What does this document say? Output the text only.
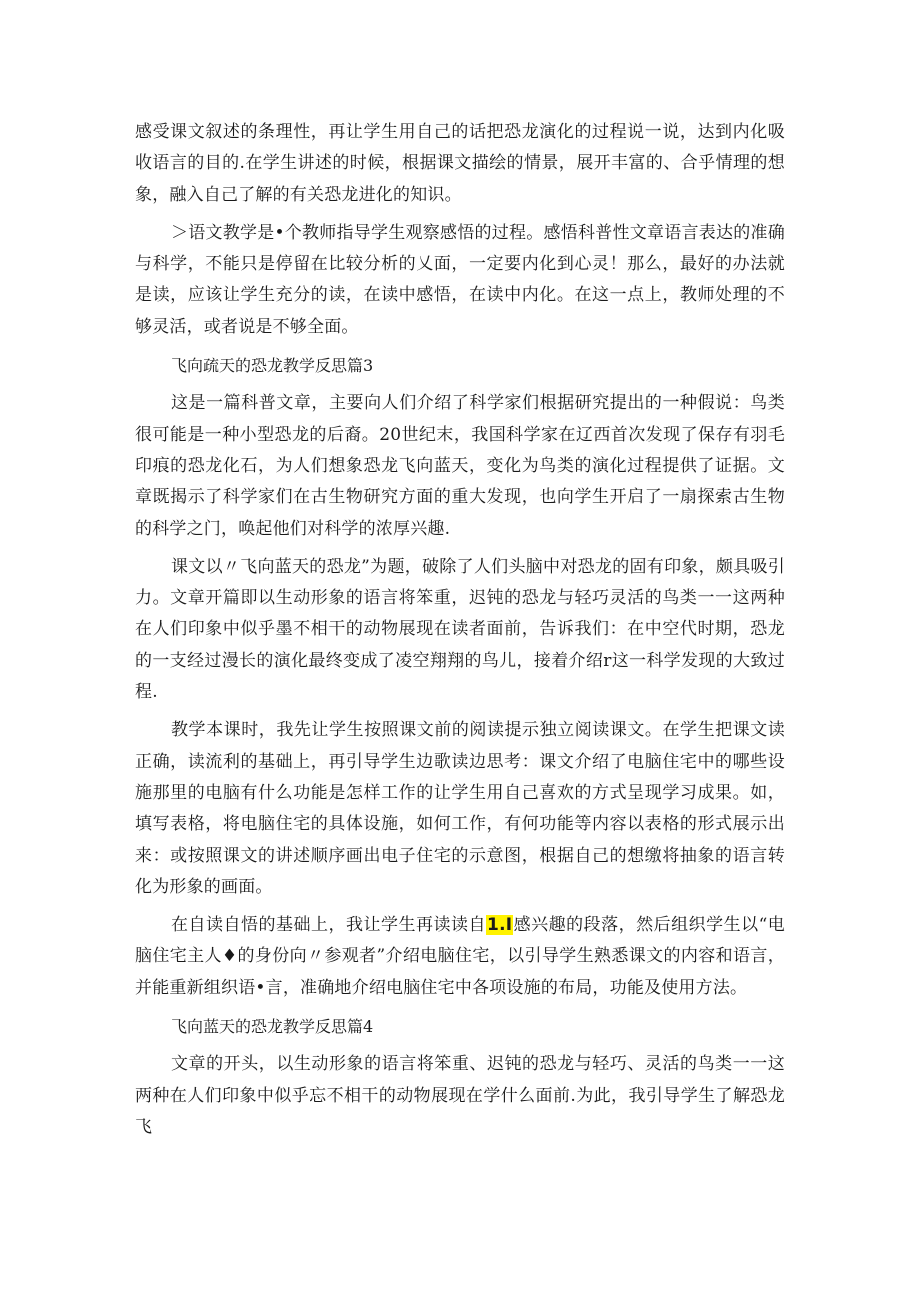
感受课文叙述的条理性，再让学生用自己的话把恐龙演化的过程说一说，达到内化吸收语言的目的.在学生讲述的时候，根据课文描绘的情景，展开丰富的、合乎情理的想象，融入自己了解的有关恐龙进化的知识。

＞语文教学是•个教师指导学生观察感悟的过程。感悟科普性文章语言表达的准确与科学，不能只是停留在比较分析的乂面，一定要内化到心灵！那么，最好的办法就是读，应该让学生充分的读，在读中感悟，在读中内化。在这一点上，教师处理的不够灵活，或者说是不够全面。

飞向疏天的恐龙教学反思篇3

这是一篇科普文章，主要向人们介绍了科学家们根据研究提出的一种假说：鸟类很可能是一种小型恐龙的后裔。20世纪末，我国科学家在辽西首次发现了保存有羽毛印痕的恐龙化石，为人们想象恐龙飞向蓝天，变化为鸟类的演化过程提供了证据。文章既揭示了科学家们在古生物研究方面的重大发现，也向学生开启了一扇探索古生物的科学之门，唤起他们对科学的浓厚兴趣.

课文以〃飞向蓝天的恐龙”为题，破除了人们头脑中对恐龙的固有印象，颇具吸引力。文章开篇即以生动形象的语言将笨重，迟钝的恐龙与轻巧灵活的鸟类一一这两种在人们印象中似乎墨不相干的动物展现在读者面前，告诉我们：在中空代时期，恐龙的一支经过漫长的演化最终变成了凌空翔翔的鸟儿，接着介绍r这一科学发现的大致过程.

教学本课时，我先让学生按照课文前的阅读提示独立阅读课文。在学生把课文读正确，读流利的基础上，再引导学生边歌读边思考：课文介绍了电脑住宅中的哪些设施那里的电脑有什么功能是怎样工作的让学生用自己喜欢的方式呈现学习成果。如，填写表格，将电脑住宅的具体设施，如何工作，有何功能等内容以表格的形式展示出来：或按照课文的讲述顺序画出电子住宅的示意图，根据自己的想缴将抽象的语言转化为形象的画面。

在自读自悟的基础上，我让学生再读读自1.I感兴趣的段落，然后组织学生以“电脑住宅主人♦的身份向〃参观者”介绍电脑住宅，以引导学生熟悉课文的内容和语言，并能重新组织语•言，准确地介绍电脑住宅中各项设施的布局，功能及使用方法。

飞向蓝天的恐龙教学反思篇4

文章的开头，以生动形象的语言将笨重、迟钝的恐龙与轻巧、灵活的鸟类一一这两种在人们印象中似乎忘不相干的动物展现在学什么面前.为此，我引导学生了解恐龙飞
